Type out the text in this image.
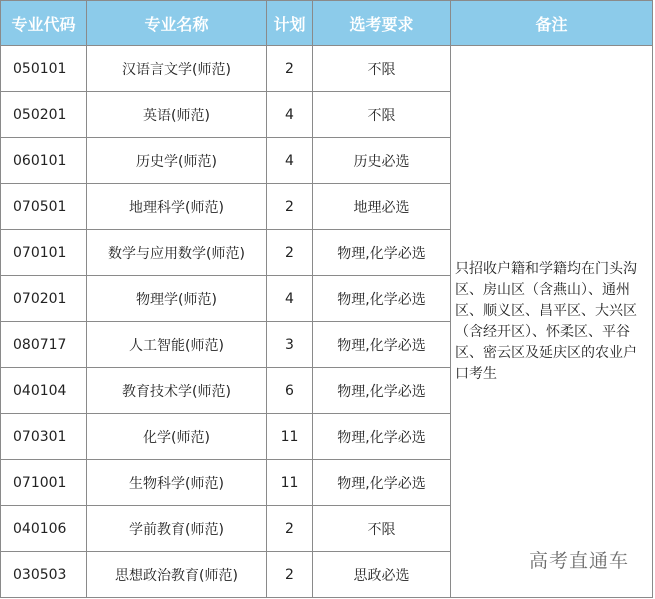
专业代码	专业名称	计划	选考要求	备注
050101	汉语言文学(师范)	2	不限	只招收户籍和学籍均在门头沟区、房山区（含燕山）、通州区、顺义区、昌平区、大兴区（含经开区）、怀柔区、平谷区、密云区及延庆区的农业户口考生
050201	英语(师范)	4	不限	
060101	历史学(师范)	4	历史必选	
070501	地理科学(师范)	2	地理必选	
070101	数学与应用数学(师范)	2	物理,化学必选	
070201	物理学(师范)	4	物理,化学必选	
080717	人工智能(师范)	3	物理,化学必选	
040104	教育技术学(师范)	6	物理,化学必选	
070301	化学(师范)	11	物理,化学必选	
071001	生物科学(师范)	11	物理,化学必选	
040106	学前教育(师范)	2	不限	
030503	思想政治教育(师范)	2	思政必选	
高考直通车
